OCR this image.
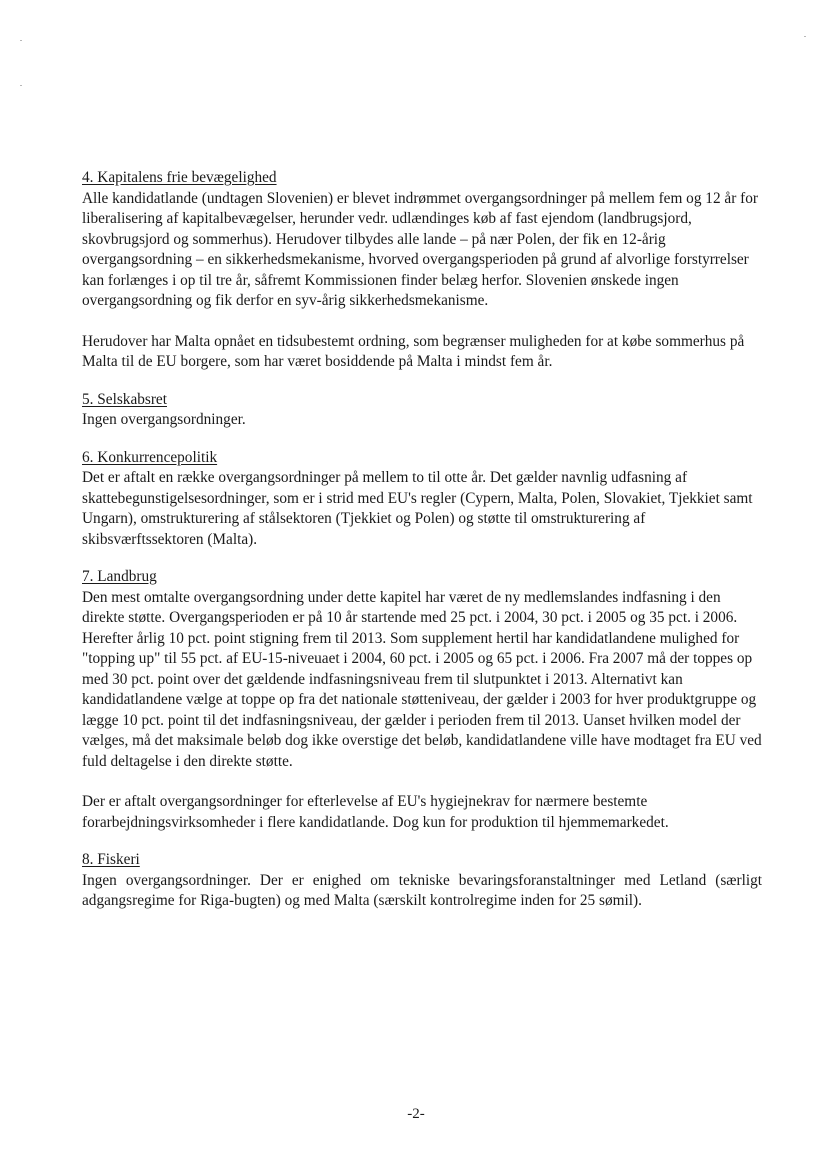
4. Kapitalens frie bevægelighed

Alle kandidatlande (undtagen Slovenien) er blevet indrømmet overgangsordninger på mellem fem og 12 år for liberalisering af kapitalbevægelser, herunder vedr. udlændinges køb af fast ejendom (landbrugsjord, skovbrugsjord og sommerhus). Herudover tilbydes alle lande – på nær Polen, der fik en 12-årig overgangsordning – en sikkerhedsmekanisme, hvorved overgangsperioden på grund af alvorlige forstyrrelser kan forlænges i op til tre år, såfremt Kommissionen finder belæg herfor. Slovenien ønskede ingen overgangsordning og fik derfor en syv-årig sikkerhedsmekanisme.

Herudover har Malta opnået en tidsubestemt ordning, som begrænser muligheden for at købe sommerhus på Malta til de EU borgere, som har været bosiddende på Malta i mindst fem år.

5. Selskabsret

Ingen overgangsordninger.

6. Konkurrencepolitik

Det er aftalt en række overgangsordninger på mellem to til otte år. Det gælder navnlig udfasning af skattebegunstigelsesordninger, som er i strid med EU's regler (Cypern, Malta, Polen, Slovakiet, Tjekkiet samt Ungarn), omstrukturering af stålsektoren (Tjekkiet og Polen) og støtte til omstrukturering af skibsværftssektoren (Malta).

7. Landbrug

Den mest omtalte overgangsordning under dette kapitel har været de ny medlemslandes indfasning i den direkte støtte. Overgangsperioden er på 10 år startende med 25 pct. i 2004, 30 pct. i 2005 og 35 pct. i 2006. Herefter årlig 10 pct. point stigning frem til 2013. Som supplement hertil har kandidatlandene mulighed for "topping up" til 55 pct. af EU-15-niveuaet i 2004, 60 pct. i 2005 og 65 pct. i 2006. Fra 2007 må der toppes op med 30 pct. point over det gældende indfasningsniveau frem til slutpunktet i 2013. Alternativt kan kandidatlandene vælge at toppe op fra det nationale støtteniveau, der gælder i 2003 for hver produktgruppe og lægge 10 pct. point til det indfasningsniveau, der gælder i perioden frem til 2013. Uanset hvilken model der vælges, må det maksimale beløb dog ikke overstige det beløb, kandidatlandene ville have modtaget fra EU ved fuld deltagelse i den direkte støtte.

Der er aftalt overgangsordninger for efterlevelse af EU's hygiejnekrav for nærmere bestemte forarbejdningsvirksomheder i flere kandidatlande. Dog kun for produktion til hjemmemarkedet.

8. Fiskeri

Ingen overgangsordninger. Der er enighed om tekniske bevaringsforanstaltninger med Letland (særligt adgangsregime for Riga-bugten) og med Malta (særskilt kontrolregime inden for 25 sømil).

-2-
